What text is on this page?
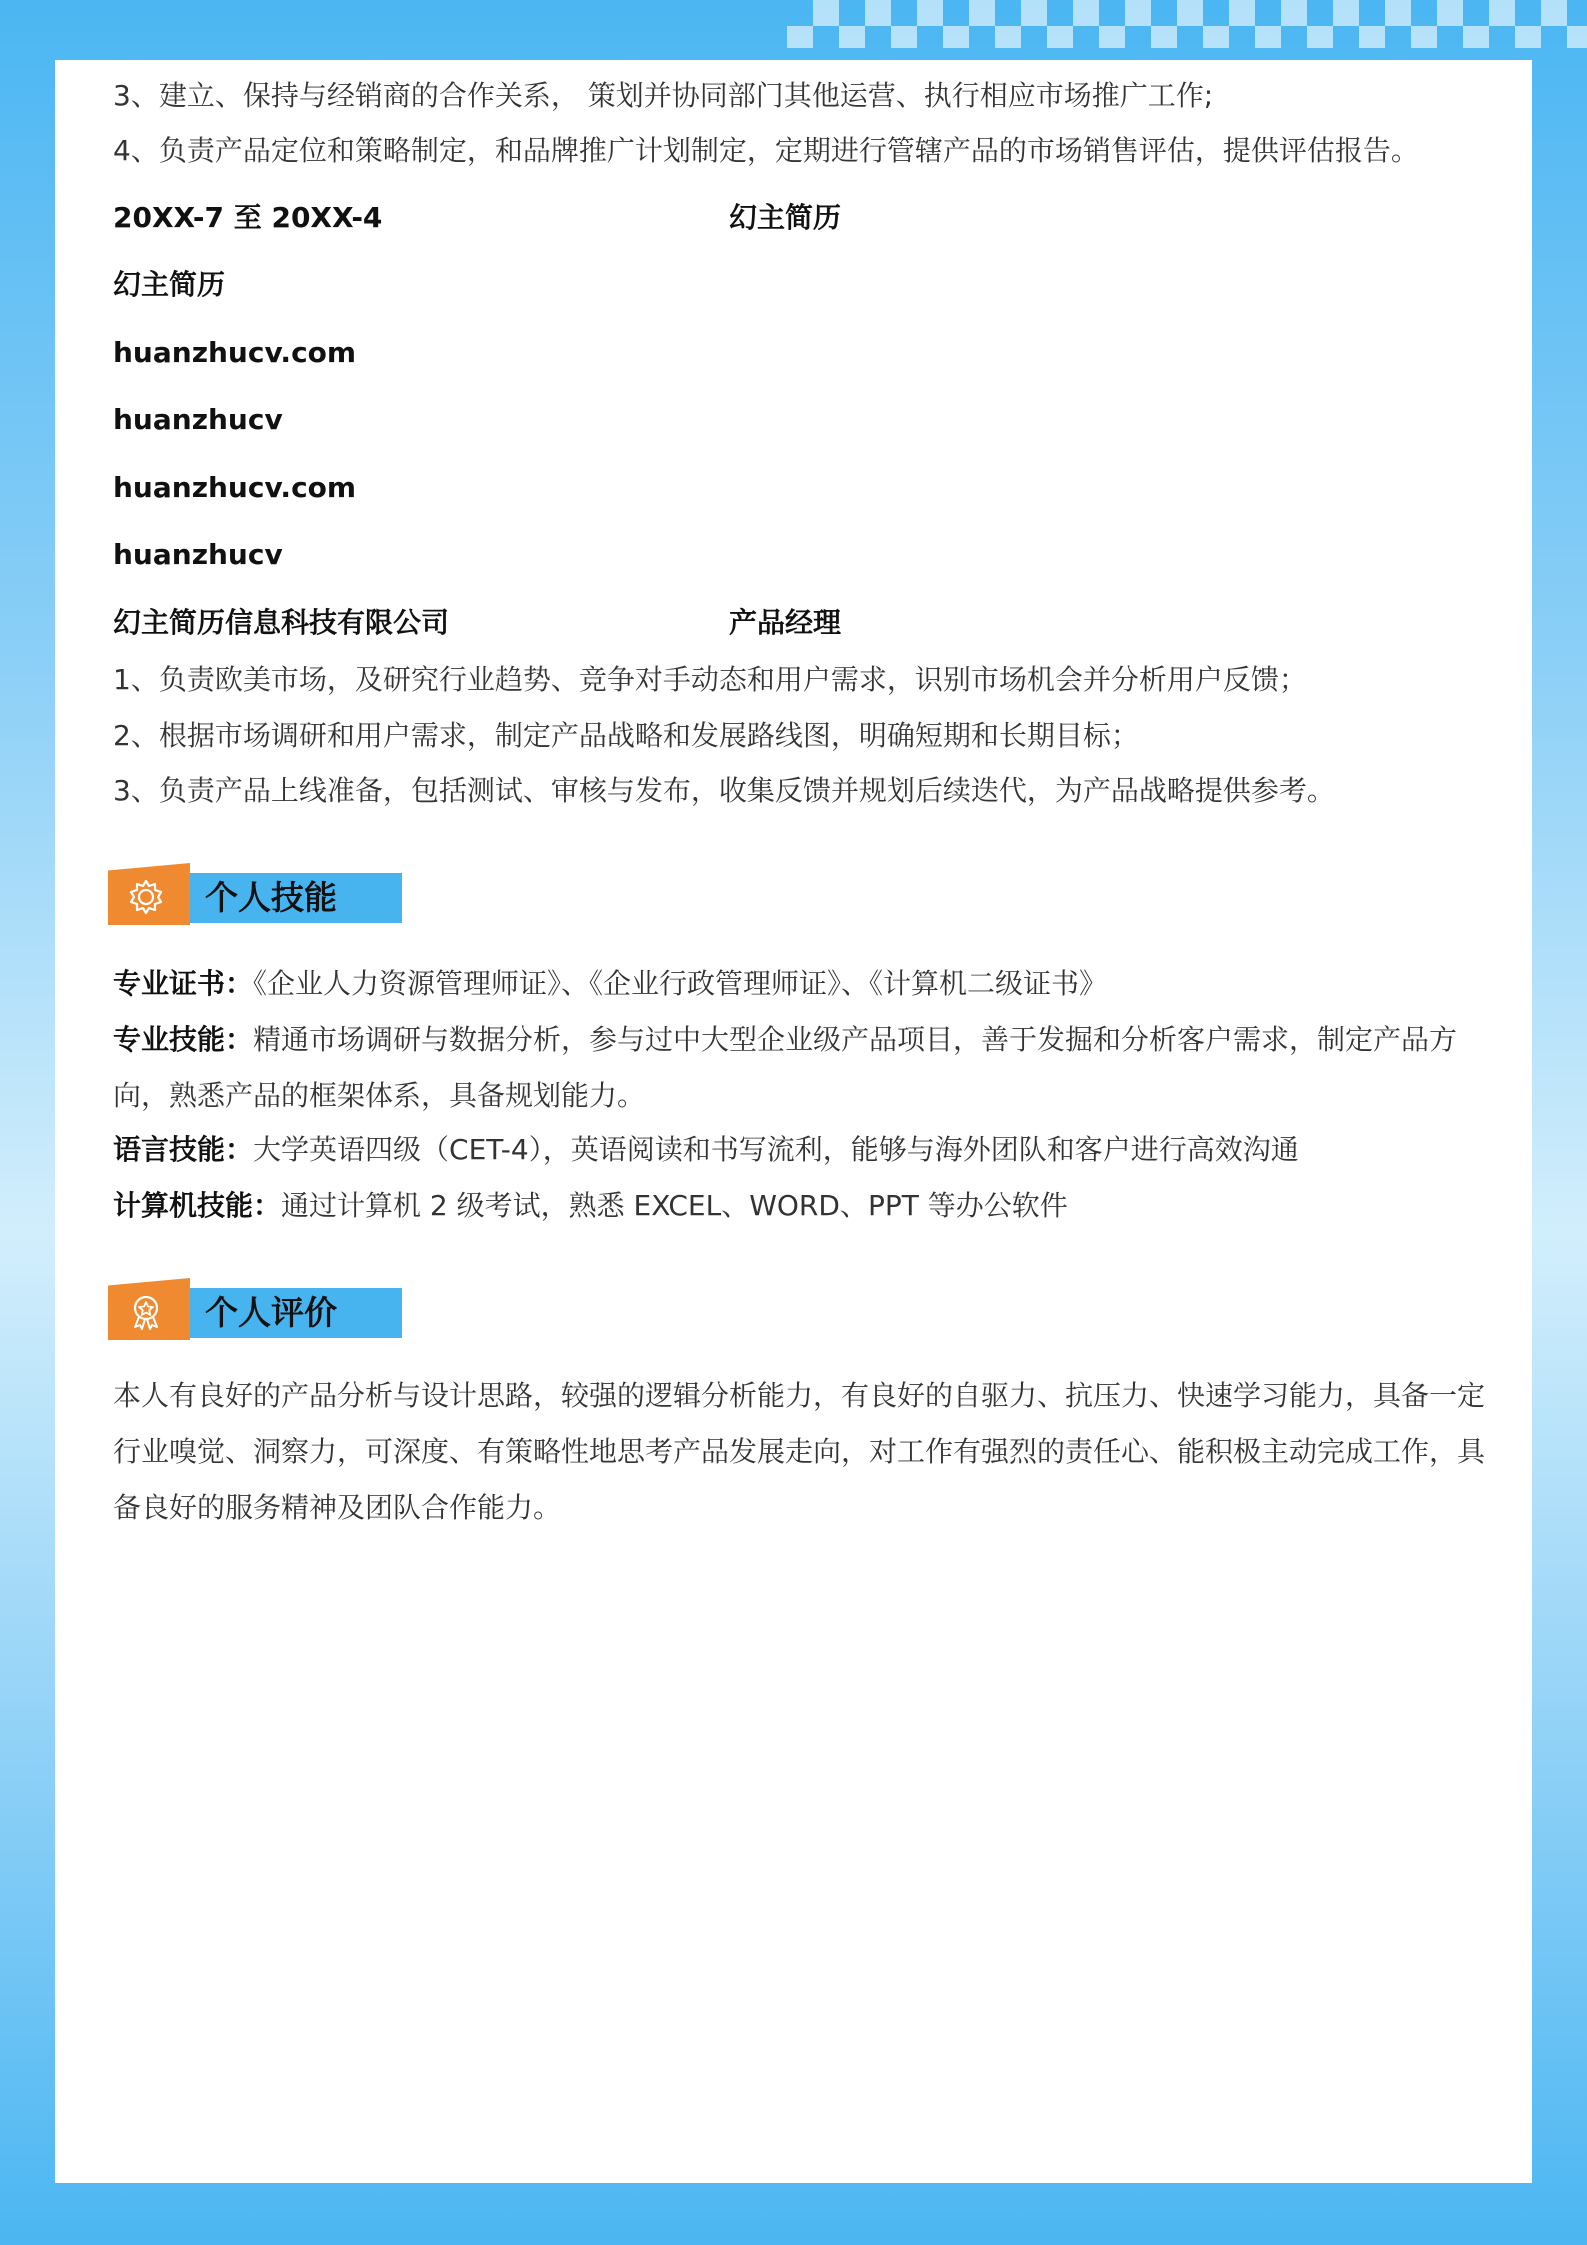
3、建立、保持与经销商的合作关系， 策划并协同部门其他运营、执行相应市场推广工作;
4、负责产品定位和策略制定，和品牌推广计划制定，定期进行管辖产品的市场销售评估，提供评估报告。
20XX-7 至 20XX-4	幻主简历
幻主简历
huanzhucv.com
huanzhucv
huanzhucv.com
huanzhucv
幻主简历信息科技有限公司	产品经理
1、负责欧美市场，及研究行业趋势、竞争对手动态和用户需求，识别市场机会并分析用户反馈；
2、根据市场调研和用户需求，制定产品战略和发展路线图，明确短期和长期目标；
3、负责产品上线准备，包括测试、审核与发布，收集反馈并规划后续迭代，为产品战略提供参考。
个人技能
专业证书：《企业人力资源管理师证》、《企业行政管理师证》、《计算机二级证书》
专业技能：精通市场调研与数据分析，参与过中大型企业级产品项目，善于发掘和分析客户需求，制定产品方向，熟悉产品的框架体系，具备规划能力。
语言技能：大学英语四级（CET-4），英语阅读和书写流利，能够与海外团队和客户进行高效沟通
计算机技能：通过计算机 2 级考试，熟悉 EXCEL、WORD、PPT 等办公软件
个人评价
本人有良好的产品分析与设计思路，较强的逻辑分析能力，有良好的自驱力、抗压力、快速学习能力，具备一定行业嗅觉、洞察力，可深度、有策略性地思考产品发展走向，对工作有强烈的责任心、能积极主动完成工作，具备良好的服务精神及团队合作能力。
